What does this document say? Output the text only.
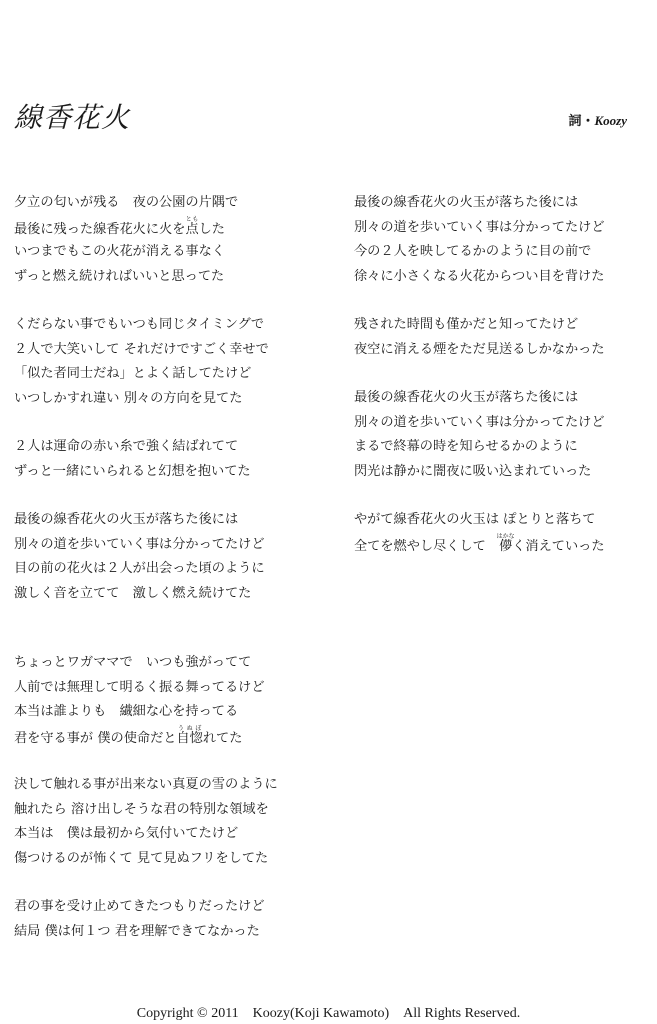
線香花火	詞・Koozy
夕立の匂いが残る　夜の公園の片隅で
最後に残った線香花火に火を点ともした
いつまでもこの火花が消える事なく
ずっと燃え続ければいいと思ってた
くだらない事でもいつも同じタイミングで
２人で大笑いして それだけですごく幸せで
「似た者同士だね」とよく話してたけど
いつしかすれ違い 別々の方向を見てた
２人は運命の赤い糸で強く結ばれてて
ずっと一緒にいられると幻想を抱いてた
最後の線香花火の火玉が落ちた後には
別々の道を歩いていく事は分かってたけど
目の前の花火は２人が出会った頃のように
激しく音を立てて　激しく燃え続けてた
ちょっとワガママで　いつも強がってて
人前では無理して明るく振る舞ってるけど
本当は誰よりも　繊細な心を持ってる
君を守る事が 僕の使命だと自惚うぬぼれてた
決して触れる事が出来ない真夏の雪のように
触れたら 溶け出しそうな君の特別な領域を
本当は　僕は最初から気付いてたけど
傷つけるのが怖くて 見て見ぬフリをしてた
君の事を受け止めてきたつもりだったけど
結局 僕は何１つ 君を理解できてなかった
最後の線香花火の火玉が落ちた後には
別々の道を歩いていく事は分かってたけど
今の２人を映してるかのように目の前で
徐々に小さくなる火花からつい目を背けた
残された時間も僅かだと知ってたけど
夜空に消える煙をただ見送るしかなかった
最後の線香花火の火玉が落ちた後には
別々の道を歩いていく事は分かってたけど
まるで終幕の時を知らせるかのように
閃光は静かに闇夜に吸い込まれていった
やがて線香花火の火玉は ぽとりと落ちて
全てを燃やし尽くして　儚はかなく消えていった
Copyright © 2011　Koozy(Koji Kawamoto)　All Rights Reserved.
